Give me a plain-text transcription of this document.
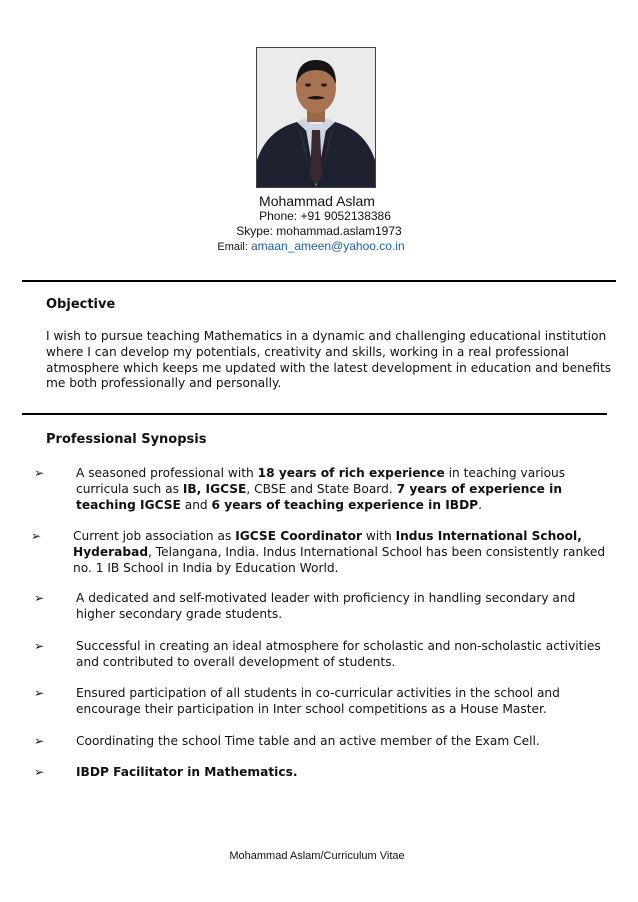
Mohammad Aslam
Phone: +91 9052138386
Skype: mohammad.aslam1973
Email: amaan_ameen@yahoo.co.in
Objective
I wish to pursue teaching Mathematics in a dynamic and challenging educational institution where I can develop my potentials, creativity and skills, working in a real professional atmosphere which keeps me updated with the latest development in education and benefits me both professionally and personally.
Professional Synopsis
➢	A seasoned professional with 18 years of rich experience in teaching various curricula such as IB, IGCSE, CBSE and State Board. 7 years of experience in teaching IGCSE and 6 years of teaching experience in IBDP.
➢	Current job association as IGCSE Coordinator with Indus International School, Hyderabad, Telangana, India. Indus International School has been consistently ranked no. 1 IB School in India by Education World.
➢	A dedicated and self-motivated leader with proficiency in handling secondary and higher secondary grade students.
➢	Successful in creating an ideal atmosphere for scholastic and non-scholastic activities and contributed to overall development of students.
➢	Ensured participation of all students in co-curricular activities in the school and encourage their participation in Inter school competitions as a House Master.
➢	Coordinating the school Time table and an active member of the Exam Cell.
➢	IBDP Facilitator in Mathematics.
Mohammad Aslam/Curriculum Vitae
